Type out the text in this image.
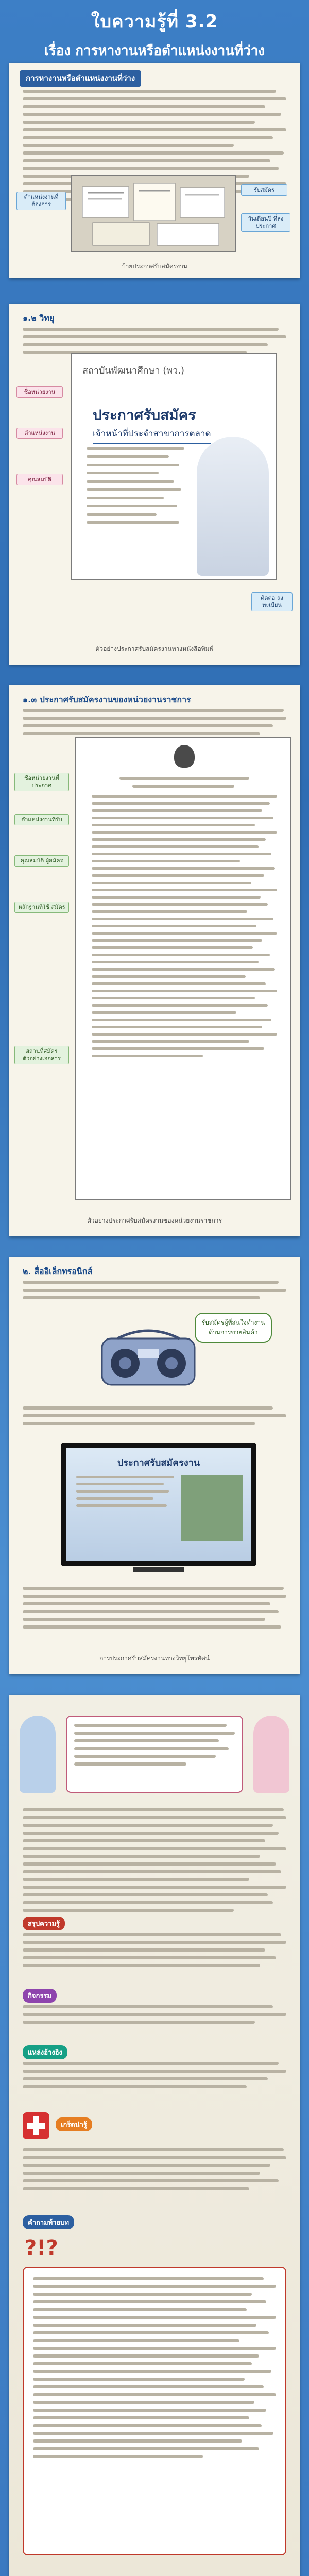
ใบความรู้ที่ 3.2
เรื่อง การหางานหรือตำแหน่งงานที่ว่าง
การหางานหรือตำแหน่งงานที่ว่าง
ตำแหน่งงานที่ต้องการ
รับสมัคร
วันเดือนปี ที่ลงประกาศ
ป้ายประกาศรับสมัครงาน
๑.๒ วิทยุ
สถาบันพัฒนาศึกษา (พว.)
ประกาศรับสมัคร
เจ้าหน้าที่ประจำสาขาการตลาด
ชื่อหน่วยงาน
ตำแหน่งงาน
คุณสมบัติ
ติดต่อ ลงทะเบียน
ตัวอย่างประกาศรับสมัครงานทางหนังสือพิมพ์
๑.๓ ประกาศรับสมัครงานของหน่วยงานราชการ
ชื่อหน่วยงานที่ประกาศ
ตำแหน่งงานที่รับ
คุณสมบัติ ผู้สมัคร
หลักฐานที่ใช้ สมัคร
สถานที่สมัคร ตัวอย่างเอกสาร
ตัวอย่างประกาศรับสมัครงานของหน่วยงานราชการ
๒. สื่ออิเล็กทรอนิกส์
รับสมัครผู้ที่สนใจทำงาน ด้านการขายสินค้า
ประกาศรับสมัครงาน
การประกาศรับสมัครงานทางวิทยุโทรทัศน์
สรุปความรู้
กิจกรรม
แหล่งอ้างอิง
เกร็ดน่ารู้
คำถามท้ายบท
?!?
